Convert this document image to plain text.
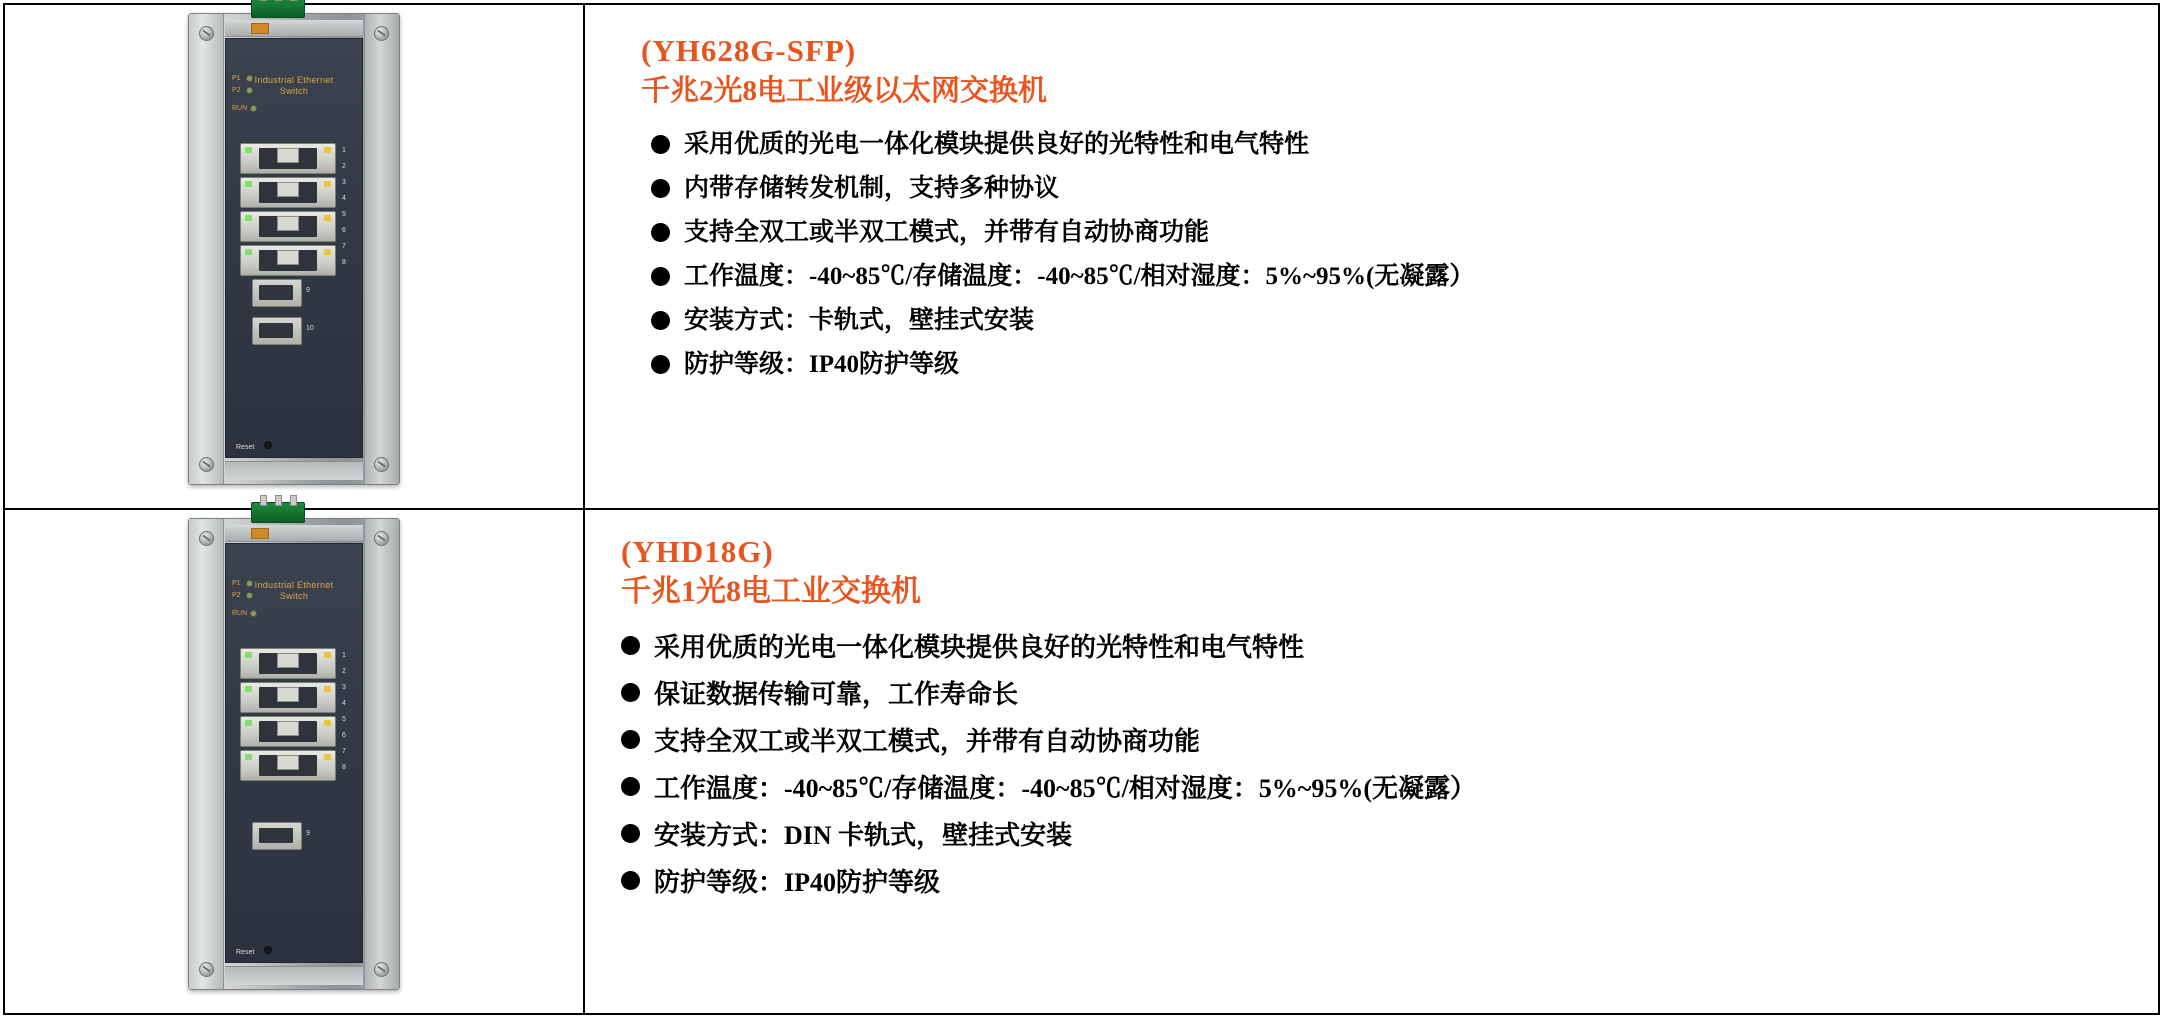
Industrial Ethernet
Switch
P1
P2
RUN
1
2
3
4
5
6
7
8
9
10
Reset

(YH628G-SFP)
千兆2光8电工业级以太网交换机
采用优质的光电一体化模块提供良好的光特性和电气特性
内带存储转发机制，支持多种协议
支持全双工或半双工模式，并带有自动协商功能
工作温度：-40~85℃/存储温度：-40~85℃/相对湿度：5%~95%(无凝露）
安装方式：卡轨式，壁挂式安装
防护等级：IP40防护等级

Industrial Ethernet
Switch
P1
P2
RUN
1
2
3
4
5
6
7
8
9
Reset

(YHD18G)
千兆1光8电工业交换机
采用优质的光电一体化模块提供良好的光特性和电气特性
保证数据传输可靠，工作寿命长
支持全双工或半双工模式，并带有自动协商功能
工作温度：-40~85℃/存储温度：-40~85℃/相对湿度：5%~95%(无凝露）
安装方式：DIN 卡轨式，壁挂式安装
防护等级：IP40防护等级
